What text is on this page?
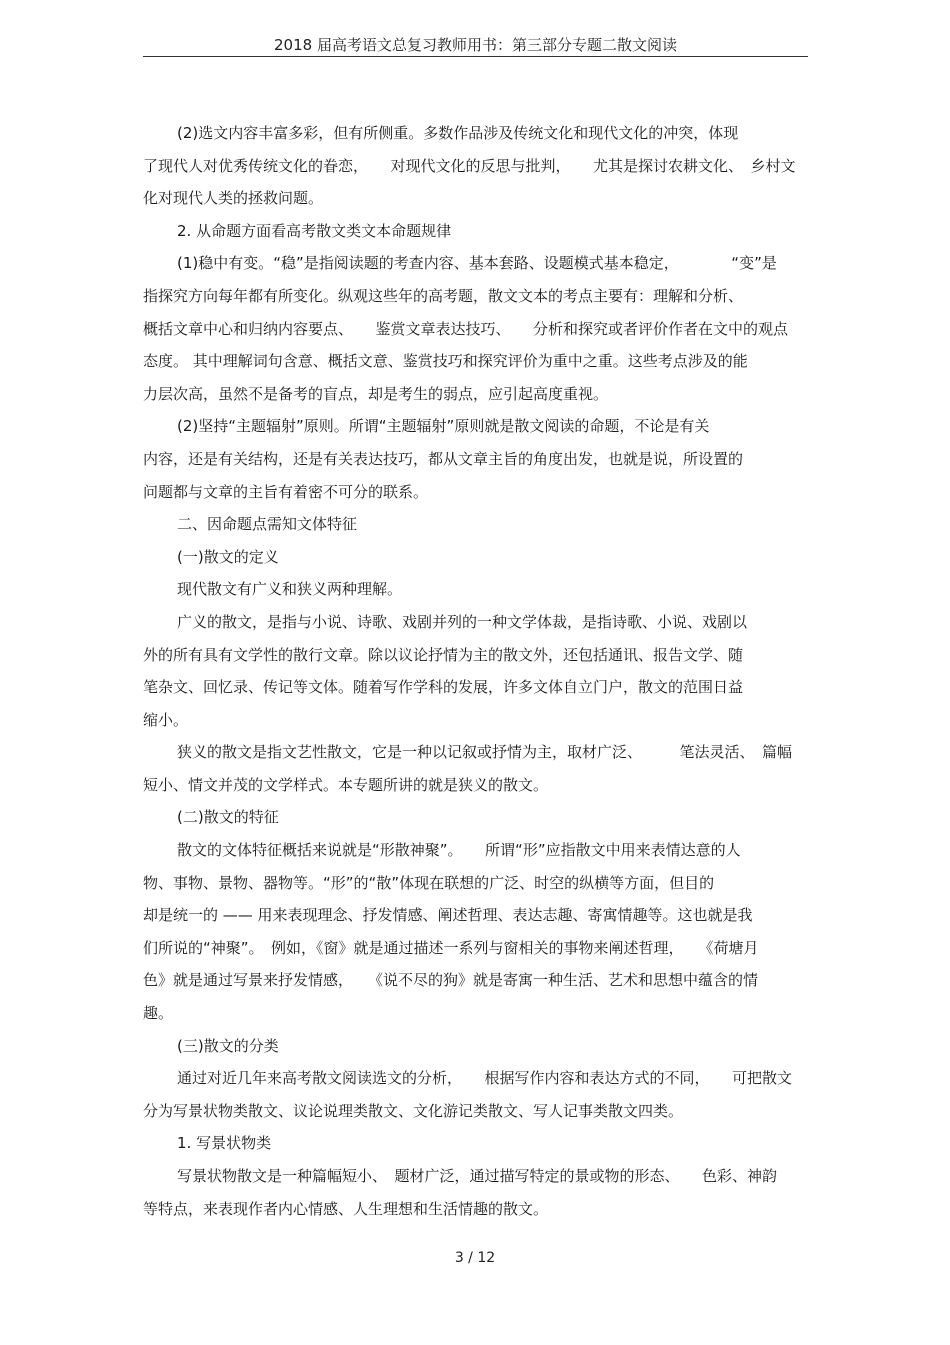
2018 届高考语文总复习教师用书：第三部分专题二散文阅读
(2)选文内容丰富多彩，但有所侧重。多数作品涉及传统文化和现代文化的冲突，体现
了现代人对优秀传统文化的眷恋，　　对现代文化的反思与批判，　　尤其是探讨农耕文化、　乡村文
化对现代人类的拯救问题。
2. 从命题方面看高考散文类文本命题规律
(1)稳中有变。“稳”是指阅读题的考查内容、基本套路、设题模式基本稳定，　　　　“变”是
指探究方向每年都有所变化。纵观这些年的高考题，散文文本的考点主要有：理解和分析、
概括文章中心和归纳内容要点、　　鉴赏文章表达技巧、　　分析和探究或者评价作者在文中的观点
态度。 其中理解词句含意、概括文意、鉴赏技巧和探究评价为重中之重。这些考点涉及的能
力层次高，虽然不是备考的盲点，却是考生的弱点，应引起高度重视。
(2)坚持“主题辐射”原则。所谓“主题辐射”原则就是散文阅读的命题，不论是有关
内容，还是有关结构，还是有关表达技巧，都从文章主旨的角度出发，也就是说，所设置的
问题都与文章的主旨有着密不可分的联系。
二、因命题点需知文体特征
(一)散文的定义
现代散文有广义和狭义两种理解。
广义的散文，是指与小说、诗歌、戏剧并列的一种文学体裁，是指诗歌、小说、戏剧以
外的所有具有文学性的散行文章。除以议论抒情为主的散文外，还包括通讯、报告文学、随
笔杂文、回忆录、传记等文体。随着写作学科的发展，许多文体自立门户，散文的范围日益
缩小。
狭义的散文是指文艺性散文，它是一种以记叙或抒情为主，取材广泛、　　　笔法灵活、　篇幅
短小、情文并茂的文学样式。本专题所讲的就是狭义的散文。
(二)散文的特征
散文的文体特征概括来说就是“形散神聚”。　　所谓“形”应指散文中用来表情达意的人
物、事物、景物、器物等。“形”的“散”体现在联想的广泛、时空的纵横等方面，但目的
却是统一的 —— 用来表现理念、抒发情感、阐述哲理、表达志趣、寄寓情趣等。这也就是我
们所说的“神聚”。　例如，《窗》就是通过描述一系列与窗相关的事物来阐述哲理，　　《荷塘月
色》就是通过写景来抒发情感，　　《说不尽的狗》就是寄寓一种生活、艺术和思想中蕴含的情
趣。
(三)散文的分类
通过对近几年来高考散文阅读选文的分析，　　根据写作内容和表达方式的不同，　　可把散文
分为写景状物类散文、议论说理类散文、文化游记类散文、写人记事类散文四类。
1. 写景状物类
写景状物散文是一种篇幅短小、　题材广泛，通过描写特定的景或物的形态、　　色彩、神韵
等特点，来表现作者内心情感、人生理想和生活情趣的散文。
3 / 12
